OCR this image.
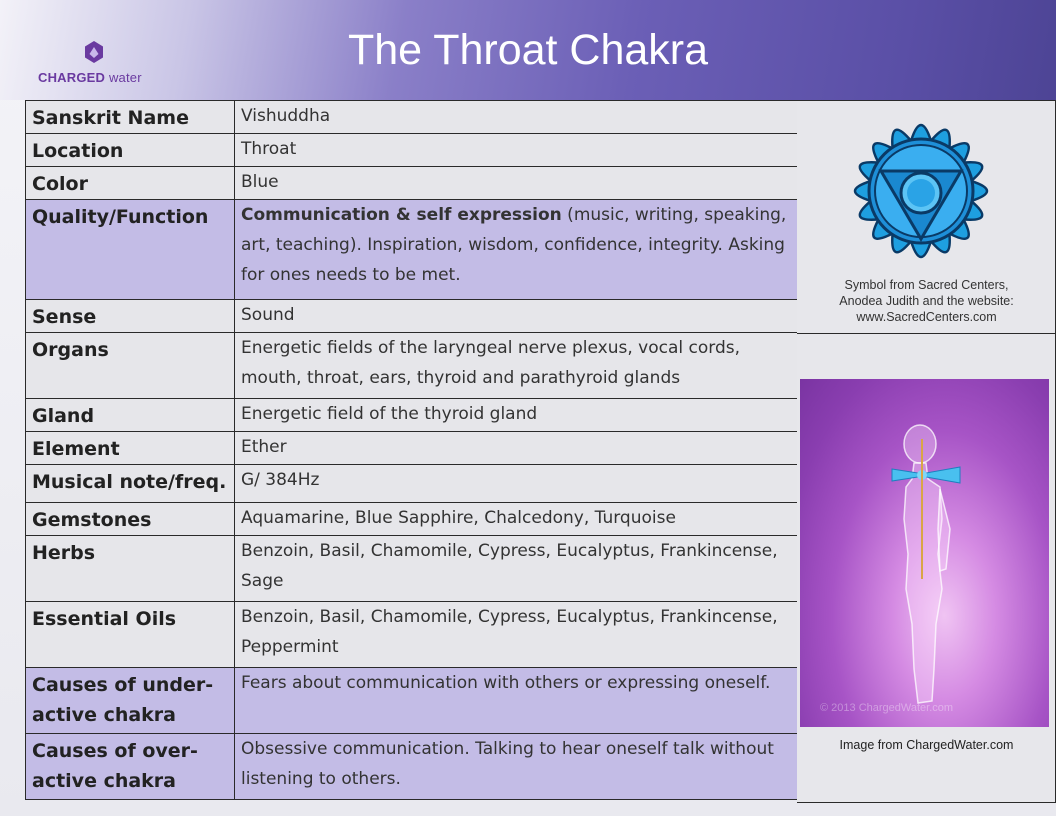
CHARGED water
The Throat Chakra
Sanskrit Name	Vishuddha
Location	Throat
Color	Blue
Quality/Function	Communication & self expression (music, writing, speaking, art, teaching). Inspiration, wisdom, confidence, integrity. Asking for ones needs to be met.
Sense	Sound
Organs	Energetic fields of the laryngeal nerve plexus, vocal cords, mouth, throat, ears, thyroid and parathyroid glands
Gland	Energetic field of the thyroid gland
Element	Ether
Musical note/freq.	G/ 384Hz
Gemstones	Aquamarine, Blue Sapphire, Chalcedony, Turquoise
Herbs	Benzoin, Basil, Chamomile, Cypress, Eucalyptus, Frankincense, Sage
Essential Oils	Benzoin, Basil, Chamomile, Cypress, Eucalyptus, Frankincense, Peppermint
Causes of under-active chakra	Fears about communication with others or expressing oneself.
Causes of over-active chakra	Obsessive communication. Talking to hear oneself talk without listening to others.
Symbol from Sacred Centers,
Anodea Judith and the website:
www.SacredCenters.com
© 2013 ChargedWater.com
Image from ChargedWater.com
